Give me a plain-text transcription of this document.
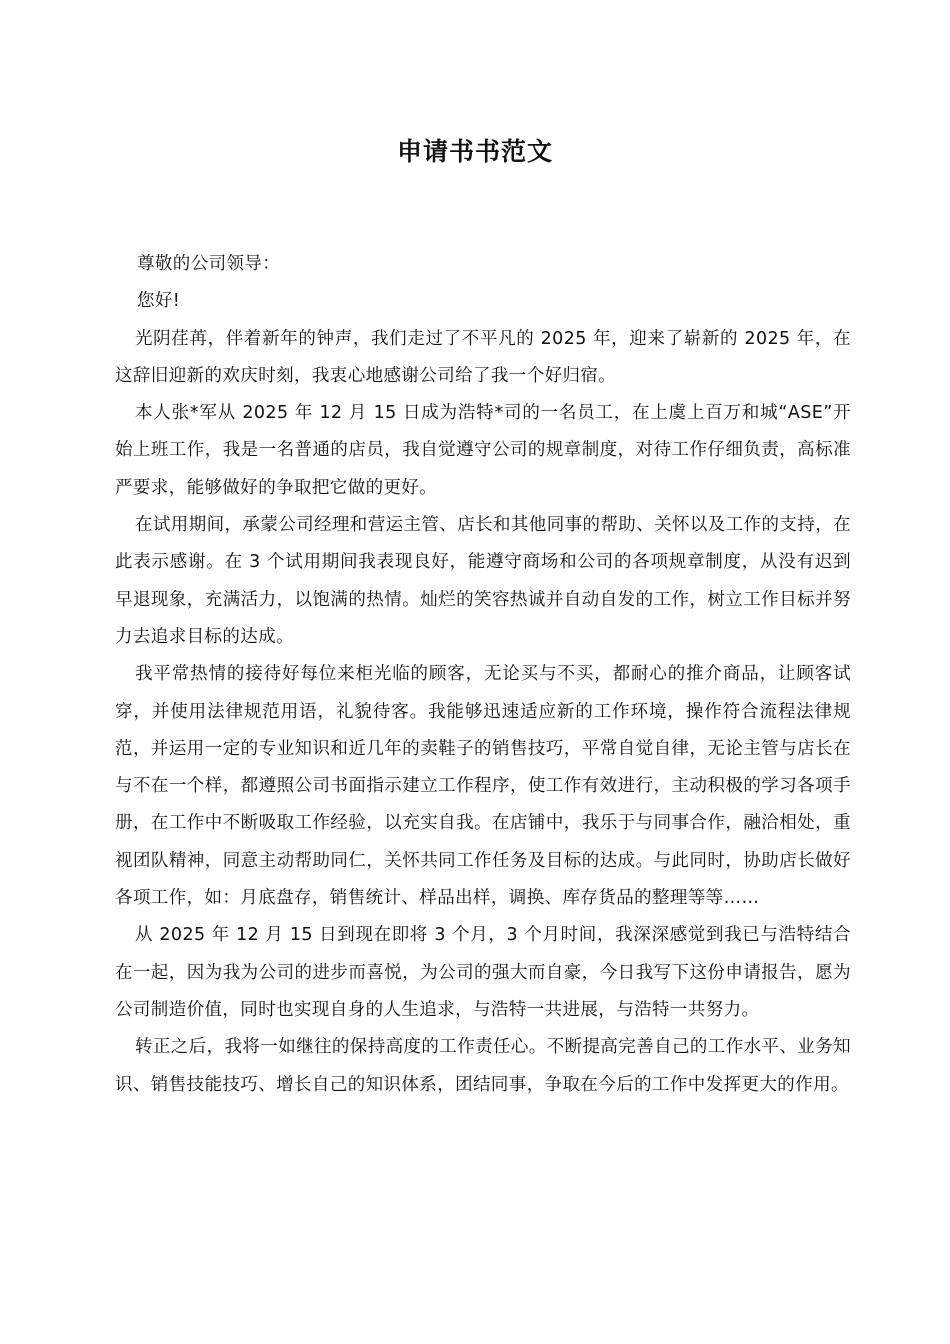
申请书书范文

尊敬的公司领导：

您好!

光阴荏苒，伴着新年的钟声，我们走过了不平凡的 2025 年，迎来了崭新的 2025 年，在这辞旧迎新的欢庆时刻，我衷心地感谢公司给了我一个好归宿。

本人张*军从 2025 年 12 月 15 日成为浩特*司的一名员工，在上虞上百万和城“ASE”开始上班工作，我是一名普通的店员，我自觉遵守公司的规章制度，对待工作仔细负责，高标准严要求，能够做好的争取把它做的更好。

在试用期间，承蒙公司经理和营运主管、店长和其他同事的帮助、关怀以及工作的支持，在此表示感谢。在 3 个试用期间我表现良好，能遵守商场和公司的各项规章制度，从没有迟到早退现象，充满活力，以饱满的热情。灿烂的笑容热诚并自动自发的工作，树立工作目标并努力去追求目标的达成。

我平常热情的接待好每位来柜光临的顾客，无论买与不买，都耐心的推介商品，让顾客试穿，并使用法律规范用语，礼貌待客。我能够迅速适应新的工作环境，操作符合流程法律规范，并运用一定的专业知识和近几年的卖鞋子的销售技巧，平常自觉自律，无论主管与店长在与不在一个样，都遵照公司书面指示建立工作程序，使工作有效进行，主动积极的学习各项手册，在工作中不断吸取工作经验，以充实自我。在店铺中，我乐于与同事合作，融洽相处，重视团队精神，同意主动帮助同仁，关怀共同工作任务及目标的达成。与此同时，协助店长做好各项工作，如：月底盘存，销售统计、样品出样，调换、库存货品的整理等等……

从 2025 年 12 月 15 日到现在即将 3 个月，3 个月时间，我深深感觉到我已与浩特结合在一起，因为我为公司的进步而喜悦，为公司的强大而自豪，今日我写下这份申请报告，愿为公司制造价值，同时也实现自身的人生追求，与浩特一共进展，与浩特一共努力。

转正之后，我将一如继往的保持高度的工作责任心。不断提高完善自己的工作水平、业务知识、销售技能技巧、增长自己的知识体系，团结同事，争取在今后的工作中发挥更大的作用。
